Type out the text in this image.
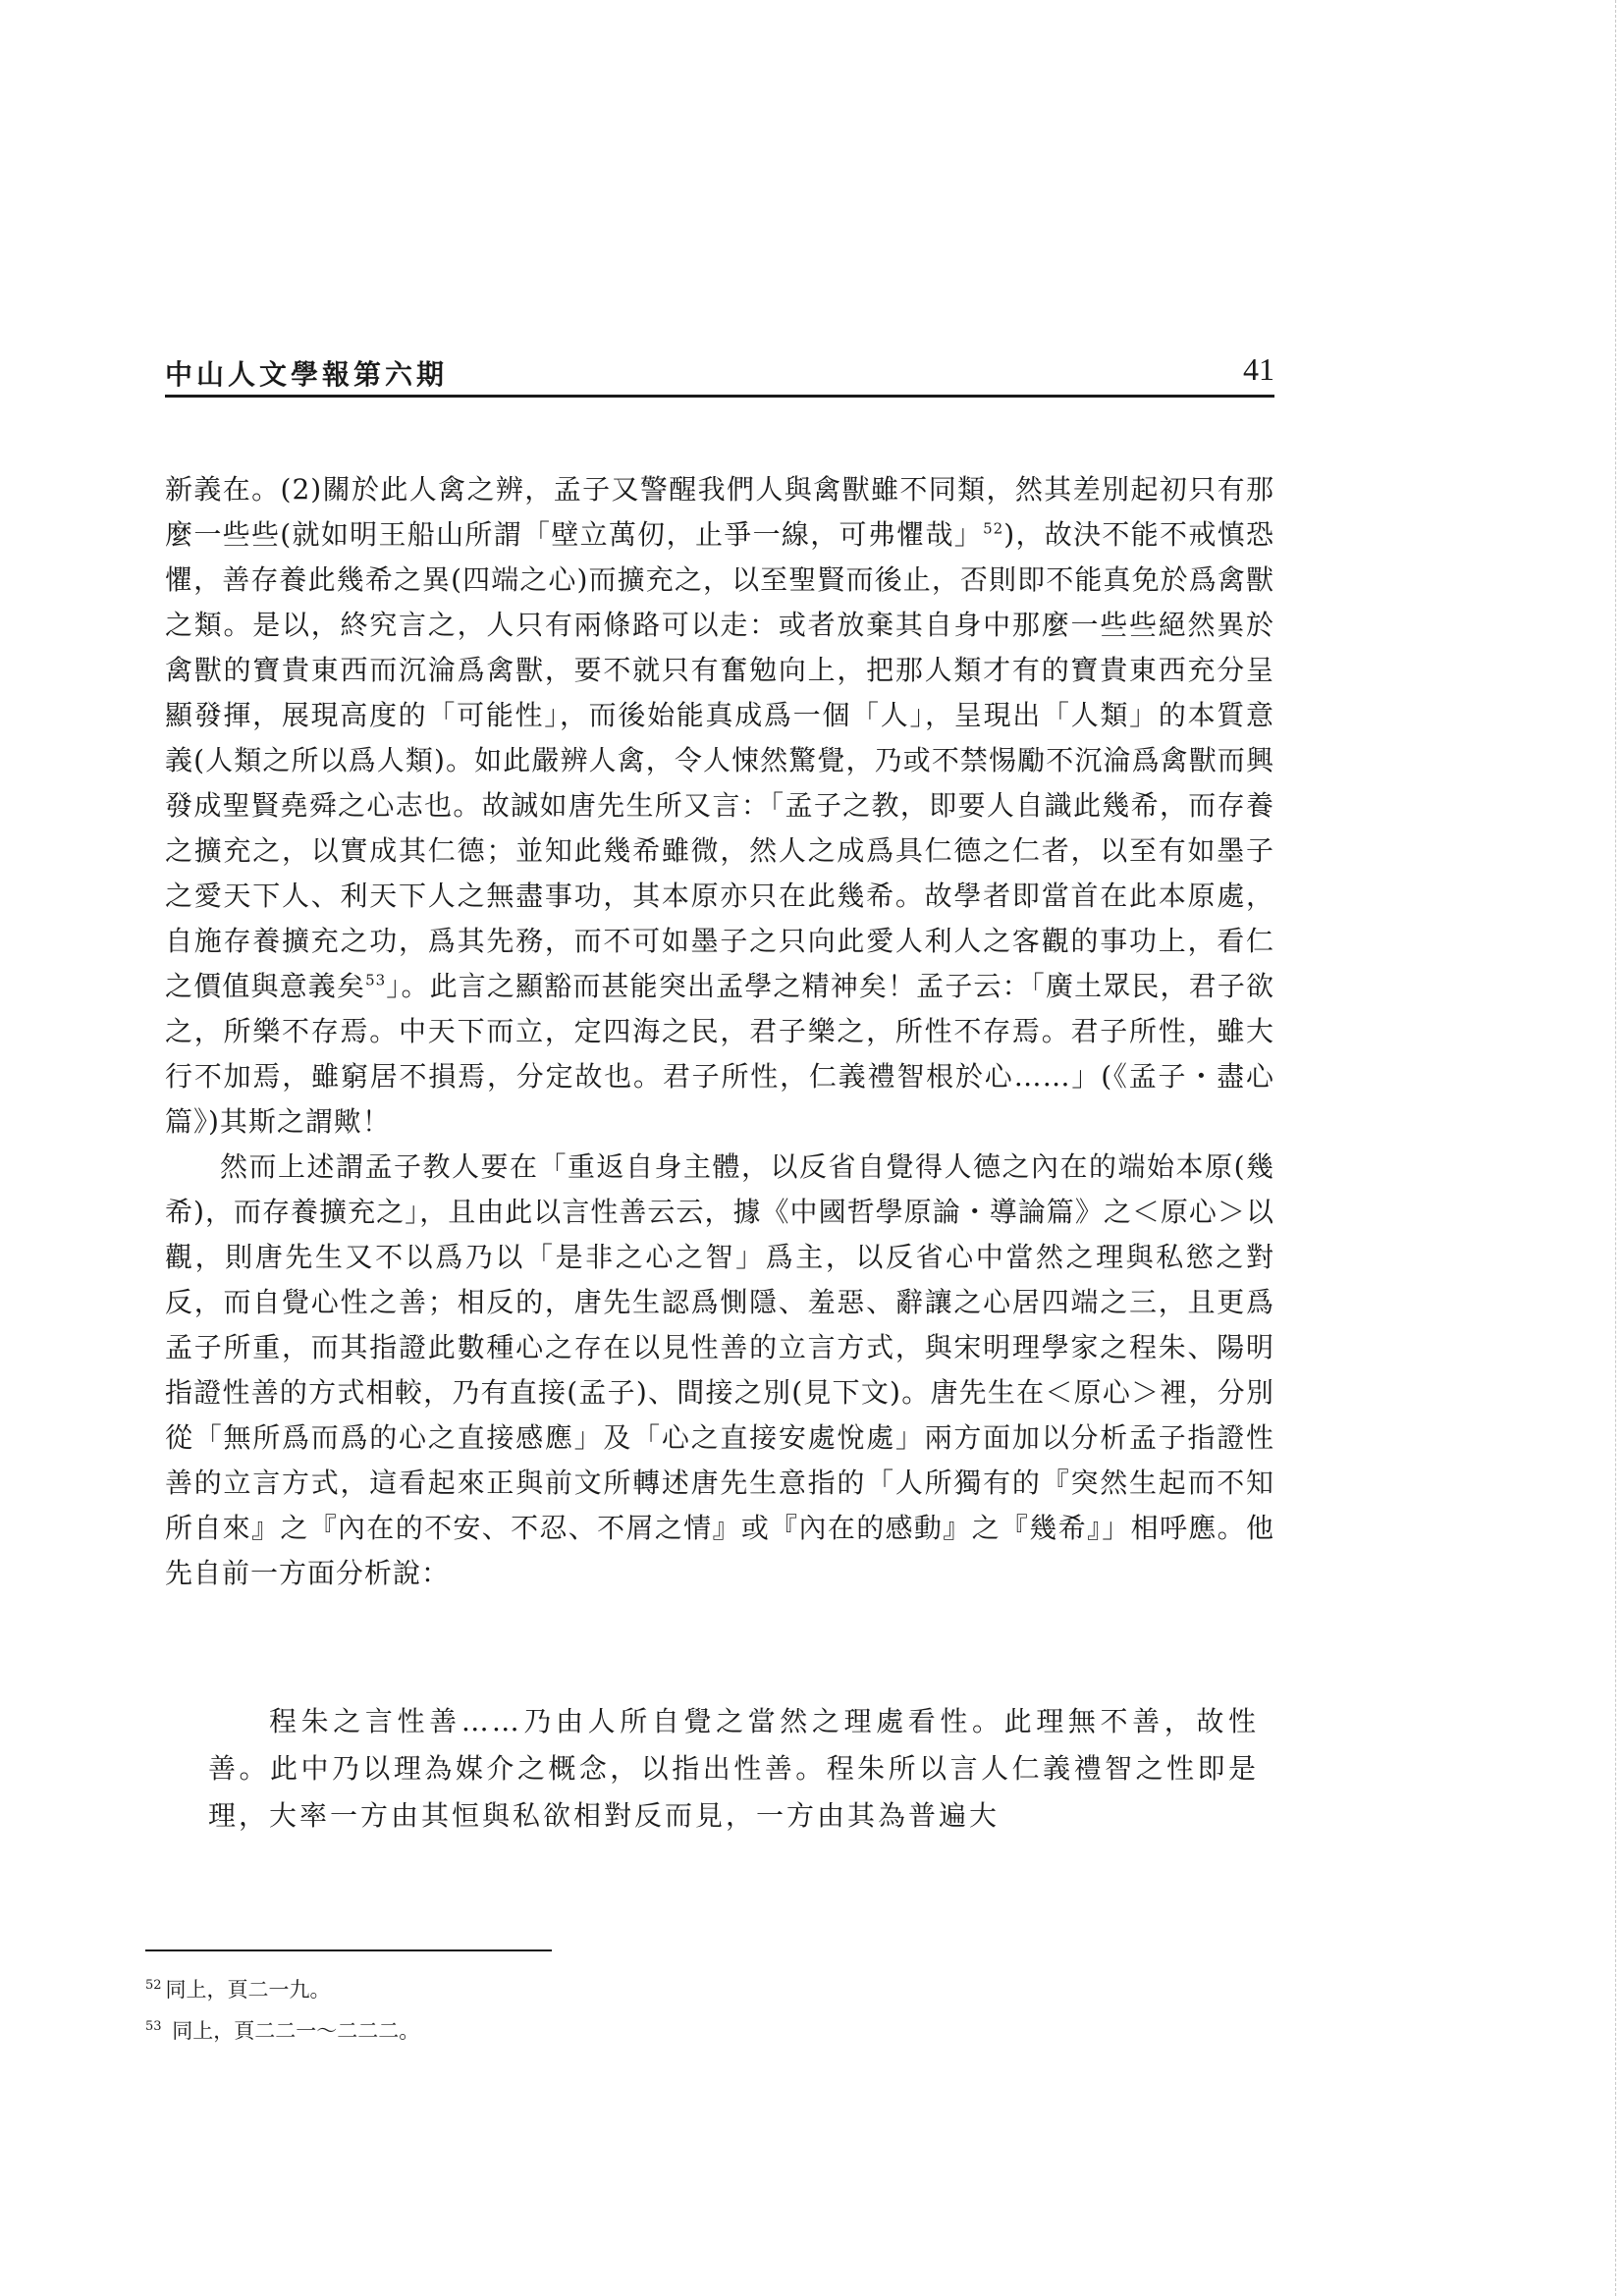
中山人文學報第六期	41

新義在。(2)關於此人禽之辨，孟子又警醒我們人與禽獸雖不同類，然其差別起初只有那麼一些些(就如明王船山所謂「壁立萬仞，止爭一線，可弗懼哉」$^{52}$)，故決不能不戒慎恐懼，善存養此幾希之異(四端之心)而擴充之，以至聖賢而後止，否則即不能真免於爲禽獸之類。是以，終究言之，人只有兩條路可以走：或者放棄其自身中那麼一些些絕然異於禽獸的寶貴東西而沉淪爲禽獸，要不就只有奮勉向上，把那人類才有的寶貴東西充分呈顯發揮，展現高度的「可能性」，而後始能真成爲一個「人」，呈現出「人類」的本質意義(人類之所以爲人類)。如此嚴辨人禽，令人悚然驚覺，乃或不禁惕勵不沉淪爲禽獸而興發成聖賢堯舜之心志也。故誠如唐先生所又言：「孟子之教，即要人自識此幾希，而存養之擴充之，以實成其仁德；並知此幾希雖微，然人之成爲具仁德之仁者，以至有如墨子之愛天下人、利天下人之無盡事功，其本原亦只在此幾希。故學者即當首在此本原處，自施存養擴充之功，爲其先務，而不可如墨子之只向此愛人利人之客觀的事功上，看仁之價值與意義矣$^{53}$」。此言之顯豁而甚能突出孟學之精神矣！孟子云：「廣土眾民，君子欲之，所樂不存焉。中天下而立，定四海之民，君子樂之，所性不存焉。君子所性，雖大行不加焉，雖窮居不損焉，分定故也。君子所性，仁義禮智根於心……」(《孟子・盡心篇》)其斯之謂歟！

然而上述謂孟子教人要在「重返自身主體，以反省自覺得人德之內在的端始本原(幾希)，而存養擴充之」，且由此以言性善云云，據《中國哲學原論・導論篇》之＜原心＞以觀，則唐先生又不以爲乃以「是非之心之智」爲主，以反省心中當然之理與私慾之對反，而自覺心性之善；相反的，唐先生認爲惻隱、羞惡、辭讓之心居四端之三，且更爲孟子所重，而其指證此數種心之存在以見性善的立言方式，與宋明理學家之程朱、陽明指證性善的方式相較，乃有直接(孟子)、間接之別(見下文)。唐先生在＜原心＞裡，分別從「無所爲而爲的心之直接感應」及「心之直接安處悅處」兩方面加以分析孟子指證性善的立言方式，這看起來正與前文所轉述唐先生意指的「人所獨有的『突然生起而不知所自來』之『內在的不安、不忍、不屑之情』或『內在的感動』之『幾希』」相呼應。他先自前一方面分析說：

程朱之言性善……乃由人所自覺之當然之理處看性。此理無不善，故性善。此中乃以理為媒介之概念，以指出性善。程朱所以言人仁義禮智之性即是理，大率一方由其恒與私欲相對反而見，一方由其為普遍大

$^{52}$ 同上，頁二一九。
$^{53}$ 同上，頁二二一～二二二。
